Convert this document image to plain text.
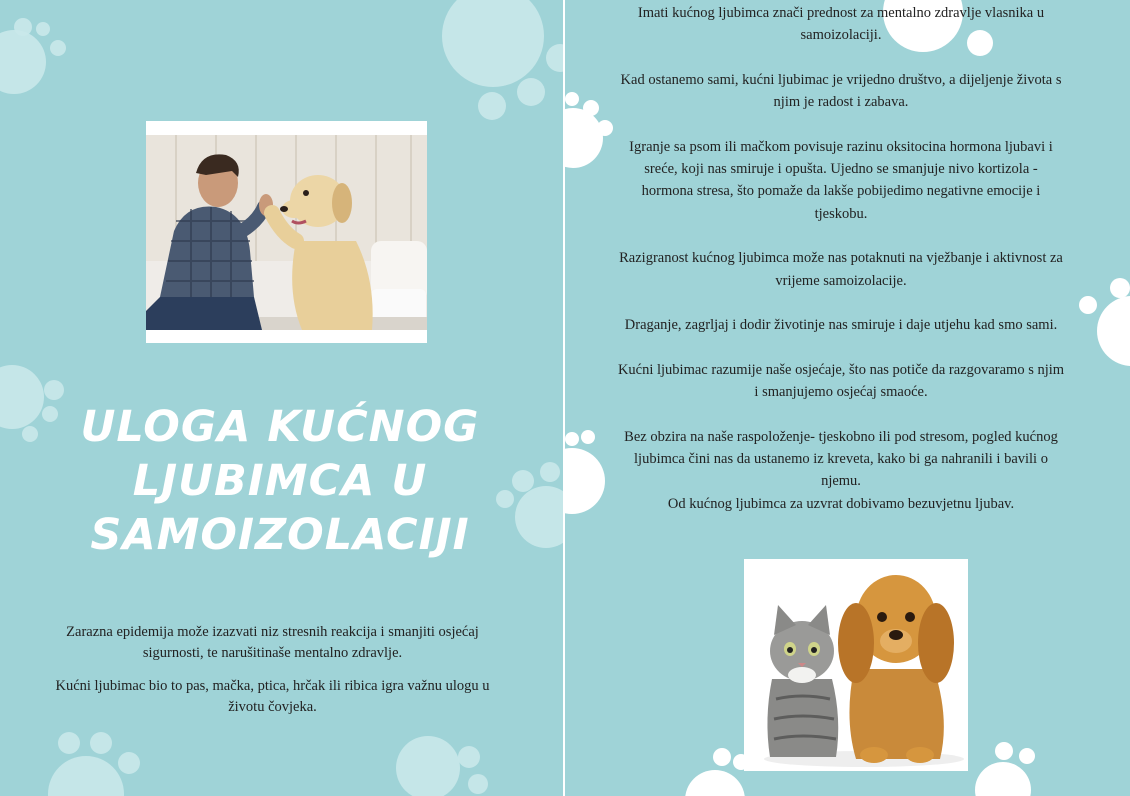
ULOGA KUĆNOG
LJUBIMCA U
SAMOIZOLACIJI

Zarazna epidemija može izazvati niz stresnih reakcija i smanjiti osjećaj sigurnosti, te narušitinaše mentalno zdravlje.

Kućni ljubimac bio to pas, mačka, ptica, hrčak ili ribica igra važnu ulogu u životu čovjeka.

Imati kućnog ljubimca znači prednost za mentalno zdravlje vlasnika u samoizolaciji.

Kad ostanemo sami, kućni ljubimac je vrijedno društvo, a dijeljenje života s njim je radost i zabava.

Igranje sa psom ili mačkom povisuje razinu oksitocina hormona ljubavi i sreće, koji nas smiruje i opušta. Ujedno se smanjuje nivo kortizola - hormona stresa, što pomaže da lakše pobijedimo negativne emocije i tjeskobu.

Razigranost kućnog ljubimca može nas potaknuti na vježbanje i aktivnost za vrijeme samoizolacije.

Draganje, zagrljaj i dodir životinje nas smiruje i daje utjehu kad smo sami.

Kućni ljubimac razumije naše osjećaje, što nas potiče da razgovaramo s njim i smanjujemo osjećaj smaoće.

Bez obzira na naše raspoloženje- tjeskobno ili pod stresom, pogled kućnog ljubimca čini nas da ustanemo iz kreveta, kako bi ga nahranili i bavili o njemu.

Od kućnog ljubimca za uzvrat dobivamo bezuvjetnu ljubav.
